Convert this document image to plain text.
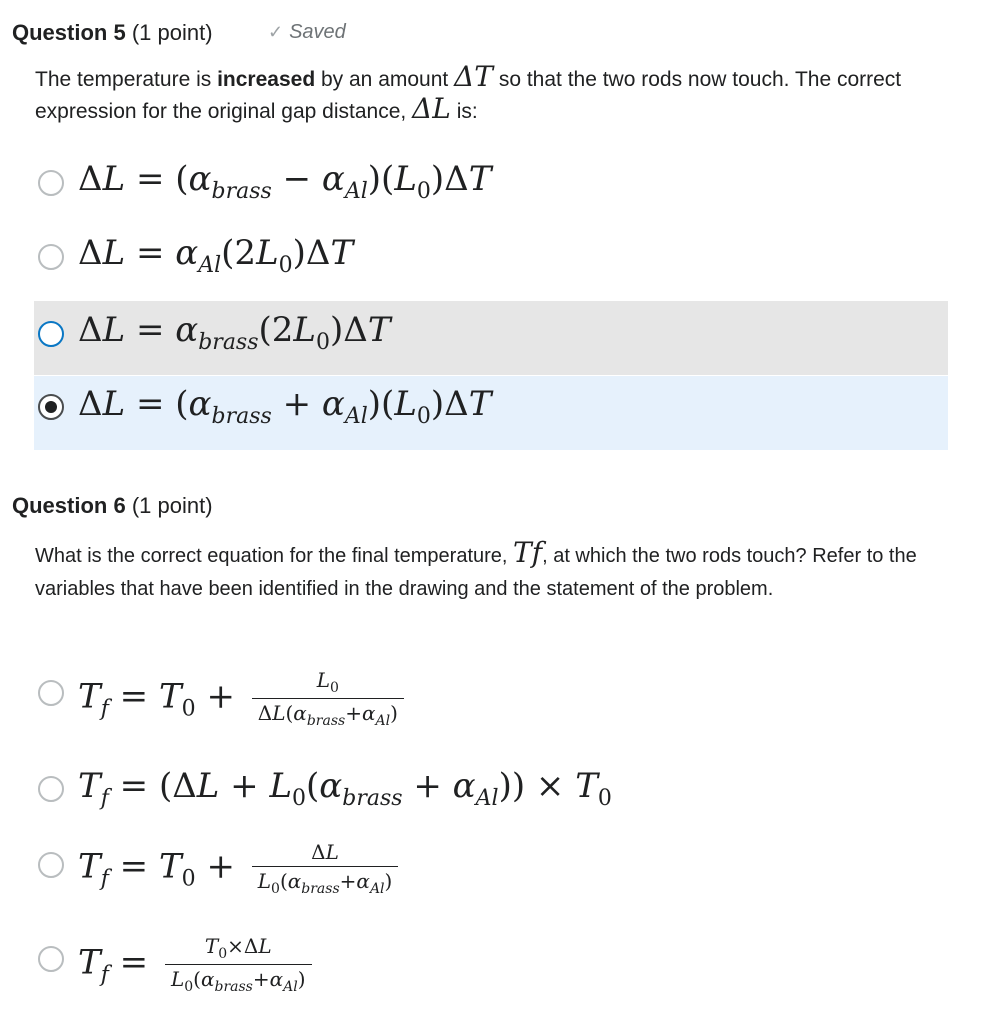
Question 5 (1 point)	✓ Saved
The temperature is increased by an amount ΔT so that the two rods now touch. The correct expression for the original gap distance, ΔL is:
$\Delta L = (\alpha_{brass} - \alpha_{Al})(L_0)\Delta T$
$\Delta L = \alpha_{Al}(2L_0)\Delta T$
$\Delta L = \alpha_{brass}(2L_0)\Delta T$
$\Delta L = (\alpha_{brass} + \alpha_{Al})(L_0)\Delta T$
Question 6 (1 point)
What is the correct equation for the final temperature, Tf, at which the two rods touch? Refer to the variables that have been identified in the drawing and the statement of the problem.
$T_f = T_0 + \frac{L_0}{\Delta L(\alpha_{brass}+\alpha_{Al})}$
$T_f = (\Delta L + L_0(\alpha_{brass} + \alpha_{Al})) \times T_0$
$T_f = T_0 + \frac{\Delta L}{L_0(\alpha_{brass}+\alpha_{Al})}$
$T_f = \frac{T_0\times\Delta L}{L_0(\alpha_{brass}+\alpha_{Al})}$
